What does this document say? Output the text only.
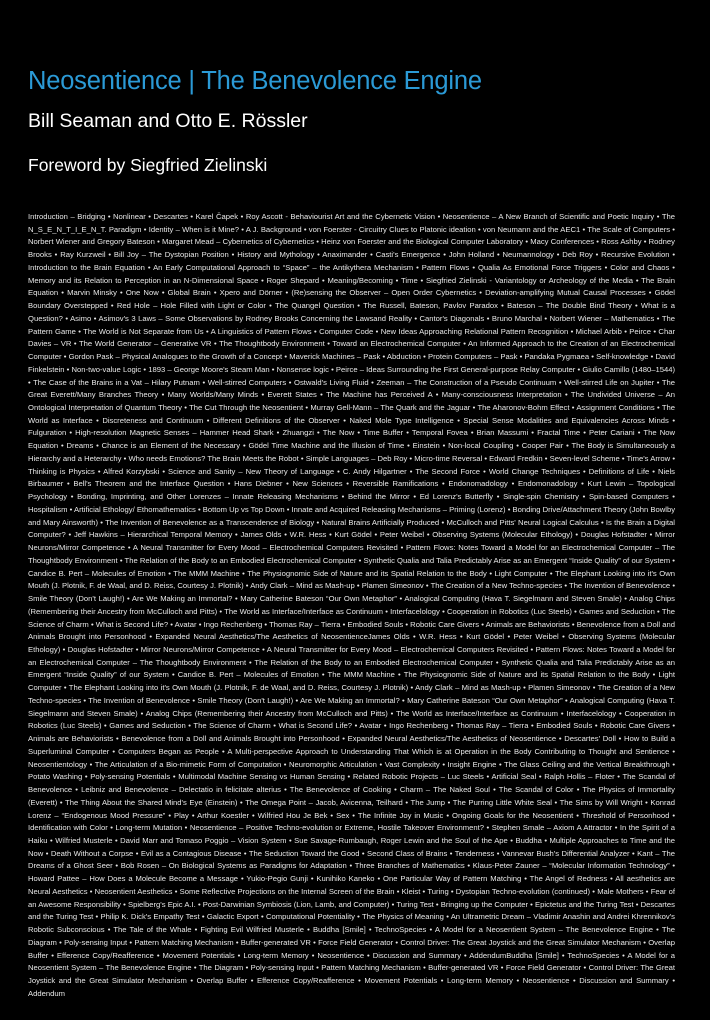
Neosentience | The Benevolence Engine
Bill Seaman and Otto E. Rössler
Foreword by Siegfried Zielinski

Introduction – Bridging • Nonlinear • Descartes • Karel Čapek • Roy Ascott - Behaviourist Art and the Cybernetic Vision • Neosentience – A New Branch of Scientific and Poetic Inquiry • The N_S_E_N_T_I_E_N_T. Paradigm • Identity – When is it Mine? • A J. Background • von Foerster - Circuitry Clues to Platonic ideation • von Neumann and the AEC1 • The Scale of Computers • Norbert Wiener and Gregory Bateson • Margaret Mead – Cybernetics of Cybernetics • Heinz von Foerster and the Biological Computer Laboratory • Macy Conferences • Ross Ashby • Rodney Brooks • Ray Kurzweil • Bill Joy – The Dystopian Position • History and Mythology • Anaximander • Casti's Emergence • John Holland • Neumannology • Deb Roy • Recursive Evolution • Introduction to the Brain Equation • An Early Computational Approach to “Space” – the Antikythera Mechanism • Pattern Flows • Qualia As Emotional Force Triggers • Color and Chaos • Memory and its Relation to Perception in an N-Dimensional Space • Roger Shepard • Meaning/Becoming • Time • Siegfried Zielinski - Variantology or Archeology of the Media • The Brain Equation • Marvin Minsky • One Now • Global Brain • Xpero and Dörner • (Re)sensing the Observer – Open Order Cybernetics • Deviation-amplifying Mutual Causal Processes • Gödel Boundary Overstepped • Red Hole – Hole Filled with Light or Color • The Quangel Question • The Russell, Bateson, Pavlov Paradox • Bateson – The Double Bind Theory • What is a Question? • Asimo • Asimov's 3 Laws – Some Observations by Rodney Brooks Concerning the Lawsand Reality • Cantor's Diagonals • Bruno Marchal • Norbert Wiener – Mathematics • The Pattern Game • The World is Not Separate from Us • A Linguistics of Pattern Flows • Computer Code • New Ideas Approaching Relational Pattern Recognition • Michael Arbib • Peirce • Char Davies – VR • The World Generator – Generative VR • The Thoughtbody Environment • Toward an Electrochemical Computer • An Informed Approach to the Creation of an Electrochemical Computer • Gordon Pask – Physical Analogues to the Growth of a Concept • Maverick Machines – Pask • Abduction • Protein Computers – Pask • Pandaka Pygmaea • Self-knowledge • David Finkelstein • Non-two-value Logic • 1893 – George Moore's Steam Man • Nonsense logic • Peirce – Ideas Surrounding the First General-purpose Relay Computer • Giulio Camillo (1480–1544) • The Case of the Brains in a Vat – Hilary Putnam • Well-stirred Computers • Ostwald's Living Fluid • Zeeman – The Construction of a Pseudo Continuum • Well-stirred Life on Jupiter • The Great Everett/Many Branches Theory • Many Worlds/Many Minds • Everett States • The Machine has Perceived A • Many-consciousness Interpretation • The Undivided Universe – An Ontological Interpretation of Quantum Theory • The Cut Through the Neosentient • Murray Gell-Mann – The Quark and the Jaguar • The Aharonov-Bohm Effect • Assignment Conditions • The World as Interface • Discreteness and Continuum • Different Definitions of the Observer • Naked Mole Type Intelligence • Special Sense Modalities and Equivalencies Across Minds • Fulguration • High-resolution Magnetic Senses – Hammer Head Shark • Zhuangzi • The Now • Time Buffer • Temporal Fovea • Brian Massumi • Fractal Time • Peter Cariani • The Now Equation • Dreams • Chance is an Element of the Necessary • Gödel Time Machine and the Illusion of Time • Einstein • Non-local Coupling • Cooper Pair • The Body is Simultaneously a Hierarchy and a Heterarchy • Who needs Emotions? The Brain Meets the Robot • Simple Languages – Deb Roy • Micro-time Reversal • Edward Fredkin • Seven-level Scheme • Time's Arrow • Thinking is Physics • Alfred Korzybski • Science and Sanity – New Theory of Language • C. Andy Hilgartner • The Second Force • World Change Techniques • Definitions of Life • Niels Birbaumer • Bell's Theorem and the Interface Question • Hans Diebner • New Sciences • Reversible Ramifications • Endonomadology • Endomonadology • Kurt Lewin – Topological Psychology • Bonding, Imprinting, and Other Lorenzes – Innate Releasing Mechanisms • Behind the Mirror • Ed Lorenz's Butterfly • Single-spin Chemistry • Spin-based Computers • Hospitalism • Artificial Ethology/ Ethomathematics • Bottom Up vs Top Down • Innate and Acquired Releasing Mechanisms – Priming (Lorenz) • Bonding Drive/Attachment Theory (John Bowlby and Mary Ainsworth) • The Invention of Benevolence as a Transcendence of Biology • Natural Brains Artificially Produced • McCulloch and Pitts' Neural Logical Calculus • Is the Brain a Digital Computer? • Jeff Hawkins – Hierarchical Temporal Memory • James Olds • W.R. Hess • Kurt Gödel • Peter Weibel • Observing Systems (Molecular Ethology) • Douglas Hofstadter • Mirror Neurons/Mirror Competence • A Neural Transmitter for Every Mood – Electrochemical Computers Revisited • Pattern Flows: Notes Toward a Model for an Electrochemical Computer – The Thoughtbody Environment • The Relation of the Body to an Embodied Electrochemical Computer • Synthetic Qualia and Talia Predictably Arise as an Emergent “Inside Quality” of our System • Candice B. Pert – Molecules of Emotion • The MMM Machine • The Physiognomic Side of Nature and its Spatial Relation to the Body • Light Computer • The Elephant Looking into it's Own Mouth (J. Plotnik, F. de Waal, and D. Reiss, Courtesy J. Plotnik) • Andy Clark – Mind as Mash-up • Plamen Simeonov • The Creation of a New Techno-species • The Invention of Benevolence • Smile Theory (Don't Laugh!) • Are We Making an Immortal? • Mary Catherine Bateson “Our Own Metaphor” • Analogical Computing (Hava T. Siegelmann and Steven Smale) • Analog Chips (Remembering their Ancestry from McCulloch and Pitts) • The World as Interface/Interface as Continuum • Interfacelology • Cooperation in Robotics (Luc Steels) • Games and Seduction • The Science of Charm • What is Second Life? • Avatar • Ingo Rechenberg • Thomas Ray – Tierra • Embodied Souls • Robotic Care Givers • Animals are Behaviorists • Benevolence from a Doll and Animals Brought into Personhood • Expanded Neural Aesthetics/The Aesthetics of NeosentienceJames Olds • W.R. Hess • Kurt Gödel • Peter Weibel • Observing Systems (Molecular Ethology) • Douglas Hofstadter • Mirror Neurons/Mirror Competence • A Neural Transmitter for Every Mood – Electrochemical Computers Revisited • Pattern Flows: Notes Toward a Model for an Electrochemical Computer – The Thoughtbody Environment • The Relation of the Body to an Embodied Electrochemical Computer • Synthetic Qualia and Talia Predictably Arise as an Emergent “Inside Quality” of our System • Candice B. Pert – Molecules of Emotion • The MMM Machine • The Physiognomic Side of Nature and its Spatial Relation to the Body • Light Computer • The Elephant Looking into it's Own Mouth (J. Plotnik, F. de Waal, and D. Reiss, Courtesy J. Plotnik) • Andy Clark – Mind as Mash-up • Plamen Simeonov • The Creation of a New Techno-species • The Invention of Benevolence • Smile Theory (Don't Laugh!) • Are We Making an Immortal? • Mary Catherine Bateson “Our Own Metaphor” • Analogical Computing (Hava T. Siegelmann and Steven Smale) • Analog Chips (Remembering their Ancestry from McCulloch and Pitts) • The World as Interface/Interface as Continuum • Interfacelology • Cooperation in Robotics (Luc Steels) • Games and Seduction • The Science of Charm • What is Second Life? • Avatar • Ingo Rechenberg • Thomas Ray – Tierra • Embodied Souls • Robotic Care Givers • Animals are Behaviorists • Benevolence from a Doll and Animals Brought into Personhood • Expanded Neural Aesthetics/The Aesthetics of Neosentience • Descartes' Doll • How to Build a Superluminal Computer • Computers Began as People • A Multi-perspective Approach to Understanding That Which is at Operation in the Body Contributing to Thought and Sentience • Neosentientology • The Articulation of a Bio-mimetic Form of Computation • Neuromorphic Articulation • Vast Complexity • Insight Engine • The Glass Ceiling and the Vertical Breakthrough • Potato Washing • Poly-sensing Potentials • Multimodal Machine Sensing vs Human Sensing • Related Robotic Projects – Luc Steels • Artificial Seal • Ralph Hollis – Floter • The Scandal of Benevolence • Leibniz and Benevolence – Delectatio in felicitate alterius • The Benevolence of Cooking • Charm – The Naked Soul • The Scandal of Color • The Physics of Immortality (Everett) • The Thing About the Shared Mind's Eye (Einstein) • The Omega Point – Jacob, Avicenna, Teilhard • The Jump • The Purring Little White Seal • The Sims by Will Wright • Konrad Lorenz – “Endogenous Mood Pressure” • Play • Arthur Koestler • Wilfried Hou Je Bek • Sex • The Infinite Joy in Music • Ongoing Goals for the Neosentient • Threshold of Personhood • Identification with Color • Long-term Mutation • Neosentience – Positive Techno-evolution or Extreme, Hostile Takeover Environment? • Stephen Smale – Axiom A Attractor • In the Spirit of a Haiku • Wilfried Musterle • David Marr and Tomaso Poggio – Vision System • Sue Savage-Rumbaugh, Roger Lewin and the Soul of the Ape • Buddha • Multiple Approaches to Time and the Now • Death Without a Corpse • Evil as a Contagious Disease • The Seduction Toward the Good • Second Class of Brains • Tenderness • Vannevar Bush's Differential Analyzer • Kant – The Dreams of a Ghost Seer • Bob Rosen – On Biological Systems as Paradigms for Adaptation • Three Branches of Mathematics • Klaus-Peter Zauner – “Molecular Information Technology” • Howard Pattee – How Does a Molecule Become a Message • Yukio-Pegio Gunji • Kunihiko Kaneko • One Particular Way of Pattern Matching • The Angel of Redness • All aesthetics are Neural Aesthetics • Neosentient Aesthetics • Some Reflective Projections on the Internal Screen of the Brain • Kleist • Turing • Dystopian Techno-evolution (continued) • Male Mothers • Fear of an Awesome Responsibility • Spielberg's Epic A.I. • Post-Darwinian Symbiosis (Lion, Lamb, and Computer) • Turing Test • Bringing up the Computer • Epictetus and the Turing Test • Descartes and the Turing Test • Philip K. Dick's Empathy Test • Galactic Export • Computational Potentiality • The Physics of Meaning • An Ultrametric Dream – Vladimir Anashin and Andrei Khrennikov's Robotic Subconscious • The Tale of the Whale • Fighting Evil Wilfried Musterle • Buddha [Smile] • TechnoSpecies • A Model for a Neosentient System – The Benevolence Engine • The Diagram • Poly-sensing Input • Pattern Matching Mechanism • Buffer-generated VR • Force Field Generator • Control Driver: The Great Joystick and the Great Simulator Mechanism • Overlap Buffer • Efference Copy/Reafference • Movement Potentials • Long-term Memory • Neosentience • Discussion and Summary • AddendumBuddha [Smile] • TechnoSpecies • A Model for a Neosentient System – The Benevolence Engine • The Diagram • Poly-sensing Input • Pattern Matching Mechanism • Buffer-generated VR • Force Field Generator • Control Driver: The Great Joystick and the Great Simulator Mechanism • Overlap Buffer • Efference Copy/Reafference • Movement Potentials • Long-term Memory • Neosentience • Discussion and Summary • Addendum
